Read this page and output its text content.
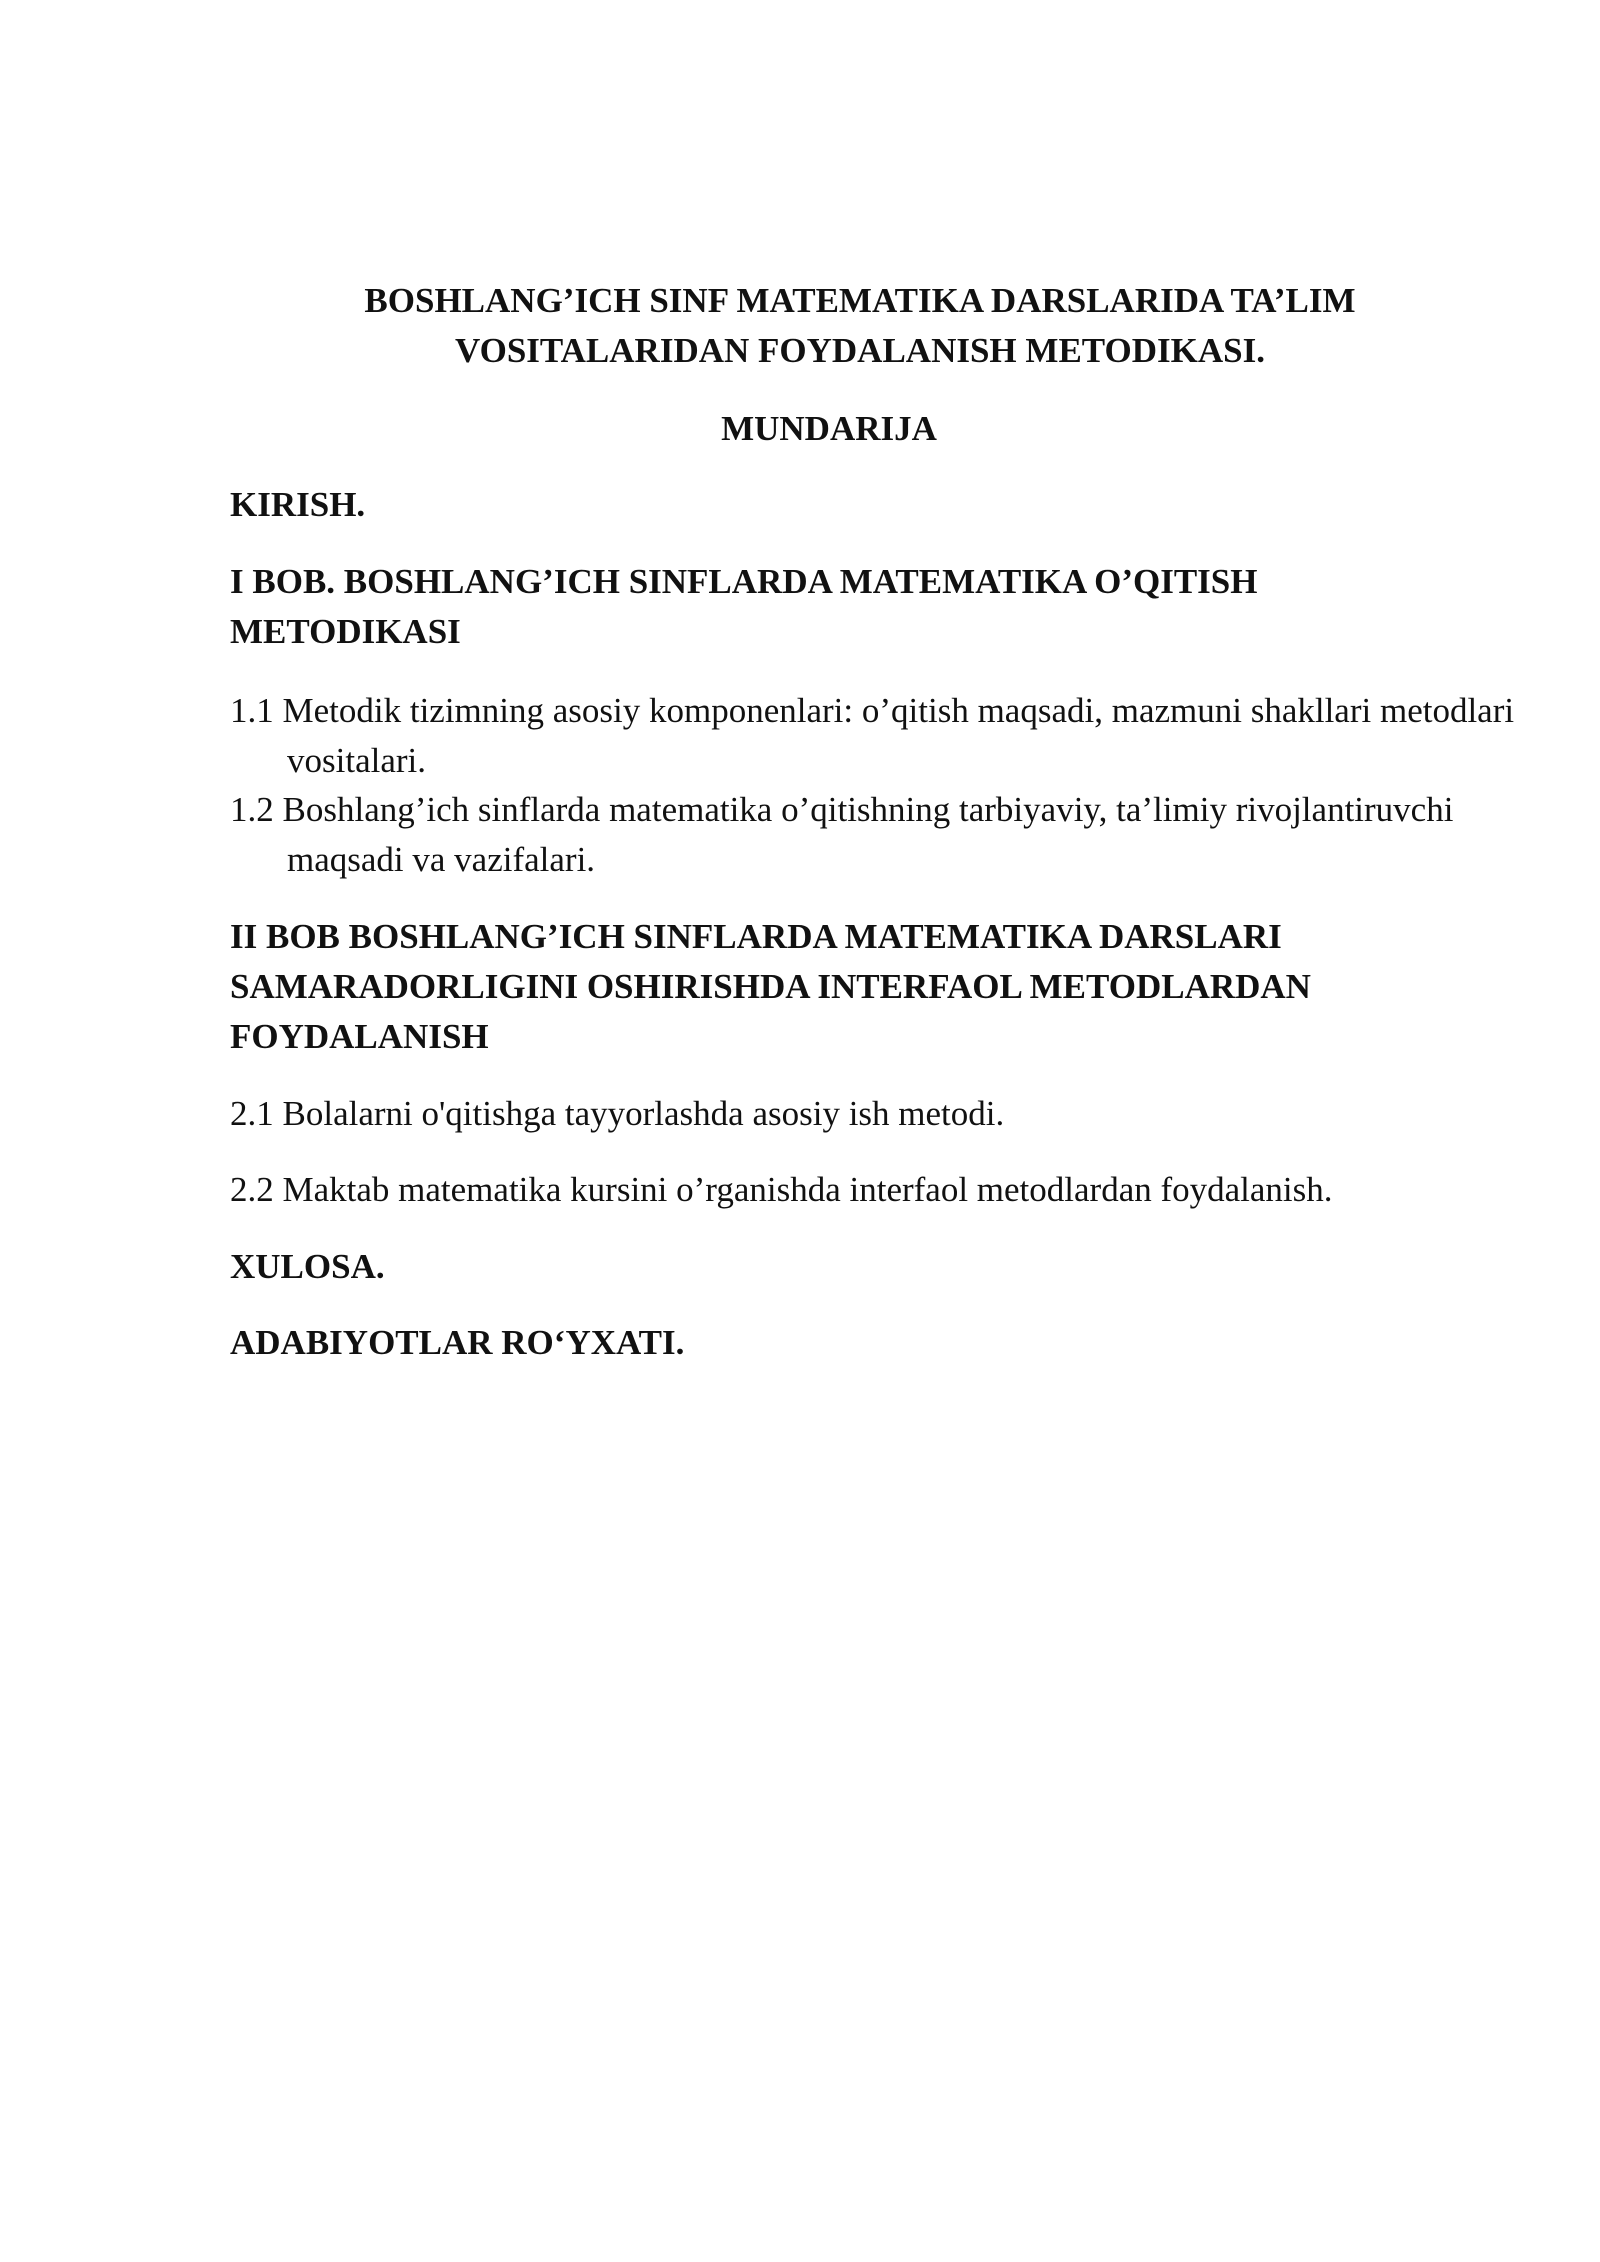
BOSHLANG’ICH SINF MATEMATIKA DARSLARIDA TA’LIM
VOSITALARIDAN FOYDALANISH METODIKASI.
MUNDARIJA
KIRISH.
I BOB. BOSHLANG’ICH SINFLARDA MATEMATIKA O’QITISH METODIKASI
1.1 Metodik tizimning asosiy komponenlari: o’qitish maqsadi, mazmuni shakllari metodlari vositalari.
1.2 Boshlang’ich sinflarda matematika o’qitishning tarbiyaviy, ta’limiy rivojlantiruvchi maqsadi va vazifalari.
II BOB BOSHLANG’ICH SINFLARDA MATEMATIKA DARSLARI SAMARADORLIGINI OSHIRISHDA INTERFAOL METODLARDAN FOYDALANISH
2.1 Bolalarni o'qitishga tayyorlashda asosiy ish metodi.
2.2 Maktab matematika kursini o’rganishda interfaol metodlardan foydalanish.
XULOSA.
ADABIYOTLAR RO‘YXATI.
